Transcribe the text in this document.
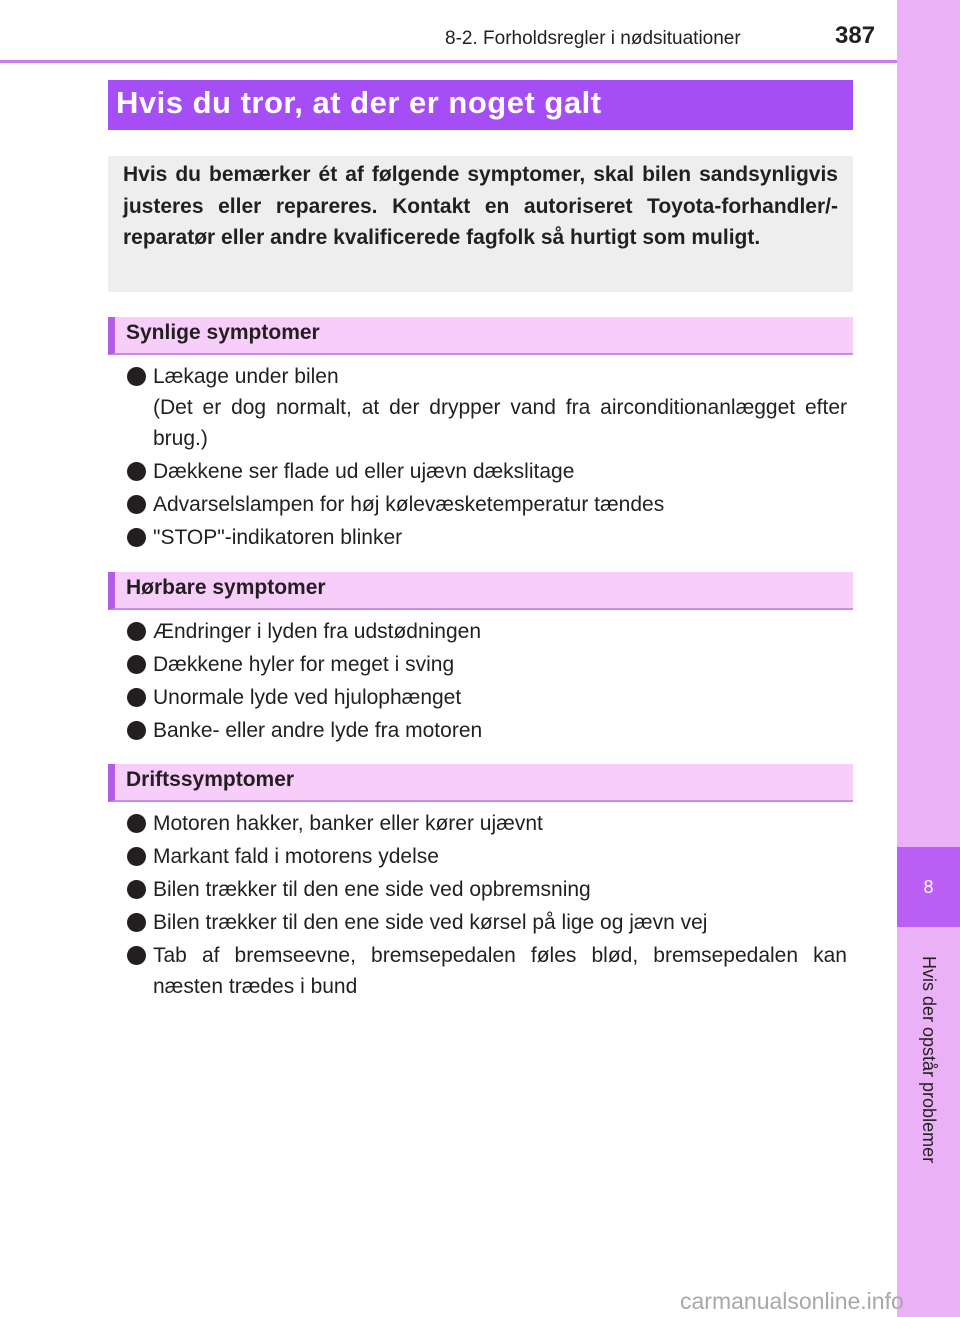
8
Hvis der opstår problemer
8-2. Forholdsregler i nødsituationer	387
Hvis du tror, at der er noget galt
Hvis du bemærker ét af følgende symptomer, skal bilen sandsynligvis justeres eller repareres. Kontakt en autoriseret Toyota-forhandler/-reparatør eller andre kvalificerede fagfolk så hurtigt som muligt.
Synlige symptomer
Lækage under bilen
(Det er dog normalt, at der drypper vand fra airconditionanlægget efter brug.)
Dækkene ser flade ud eller ujævn dækslitage
Advarselslampen for høj kølevæsketemperatur tændes
"STOP"-indikatoren blinker
Hørbare symptomer
Ændringer i lyden fra udstødningen
Dækkene hyler for meget i sving
Unormale lyde ved hjulophænget
Banke- eller andre lyde fra motoren
Driftssymptomer
Motoren hakker, banker eller kører ujævnt
Markant fald i motorens ydelse
Bilen trækker til den ene side ved opbremsning
Bilen trækker til den ene side ved kørsel på lige og jævn vej
Tab af bremseevne, bremsepedalen føles blød, bremsepedalen kan næsten trædes i bund
carmanualsonline.info
